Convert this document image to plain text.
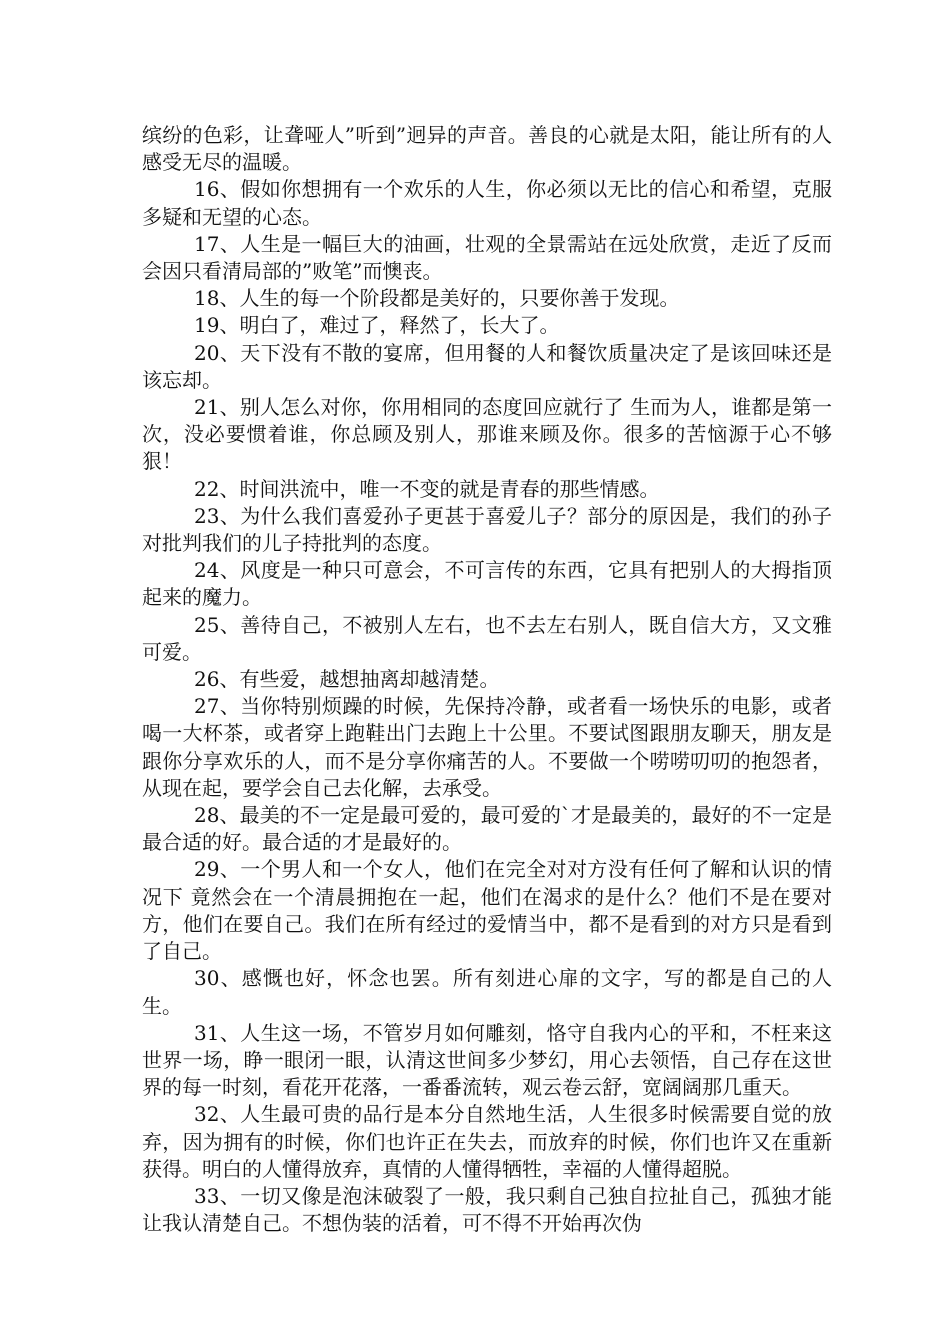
缤纷的色彩，让聋哑人”听到”迥异的声音。善良的心就是太阳，能让所有的人感受无尽的温暖。

16、假如你想拥有一个欢乐的人生，你必须以无比的信心和希望，克服多疑和无望的心态。

17、人生是一幅巨大的油画，壮观的全景需站在远处欣赏，走近了反而会因只看清局部的”败笔”而懊丧。

18、人生的每一个阶段都是美好的，只要你善于发现。

19、明白了，难过了，释然了，长大了。

20、天下没有不散的宴席，但用餐的人和餐饮质量决定了是该回味还是该忘却。

21、别人怎么对你，你用相同的态度回应就行了 生而为人，谁都是第一次，没必要惯着谁，你总顾及别人，那谁来顾及你。很多的苦恼源于心不够狠！

22、时间洪流中，唯一不变的就是青春的那些情感。

23、为什么我们喜爱孙子更甚于喜爱儿子？部分的原因是，我们的孙子对批判我们的儿子持批判的态度。

24、风度是一种只可意会，不可言传的东西，它具有把别人的大拇指顶起来的魔力。

25、善待自己，不被别人左右，也不去左右别人，既自信大方，又文雅可爱。

26、有些爱，越想抽离却越清楚。

27、当你特别烦躁的时候，先保持冷静，或者看一场快乐的电影，或者喝一大杯茶，或者穿上跑鞋出门去跑上十公里。不要试图跟朋友聊天，朋友是跟你分享欢乐的人，而不是分享你痛苦的人。不要做一个唠唠叨叨的抱怨者，从现在起，要学会自己去化解，去承受。

28、最美的不一定是最可爱的，最可爱的`才是最美的，最好的不一定是最合适的好。最合适的才是最好的。

29、一个男人和一个女人，他们在完全对对方没有任何了解和认识的情况下 竟然会在一个清晨拥抱在一起，他们在渴求的是什么？他们不是在要对方，他们在要自己。我们在所有经过的爱情当中，都不是看到的对方只是看到了自己。

30、感慨也好，怀念也罢。所有刻进心扉的文字，写的都是自己的人生。

31、人生这一场，不管岁月如何雕刻，恪守自我内心的平和，不枉来这世界一场，睁一眼闭一眼，认清这世间多少梦幻，用心去领悟，自己存在这世界的每一时刻，看花开花落，一番番流转，观云卷云舒，宽阔阔那几重天。

32、人生最可贵的品行是本分自然地生活，人生很多时候需要自觉的放弃，因为拥有的时候，你们也许正在失去，而放弃的时候，你们也许又在重新获得。明白的人懂得放弃，真情的人懂得牺牲，幸福的人懂得超脱。

33、一切又像是泡沫破裂了一般，我只剩自己独自拉扯自己，孤独才能让我认清楚自己。不想伪装的活着，可不得不开始再次伪
